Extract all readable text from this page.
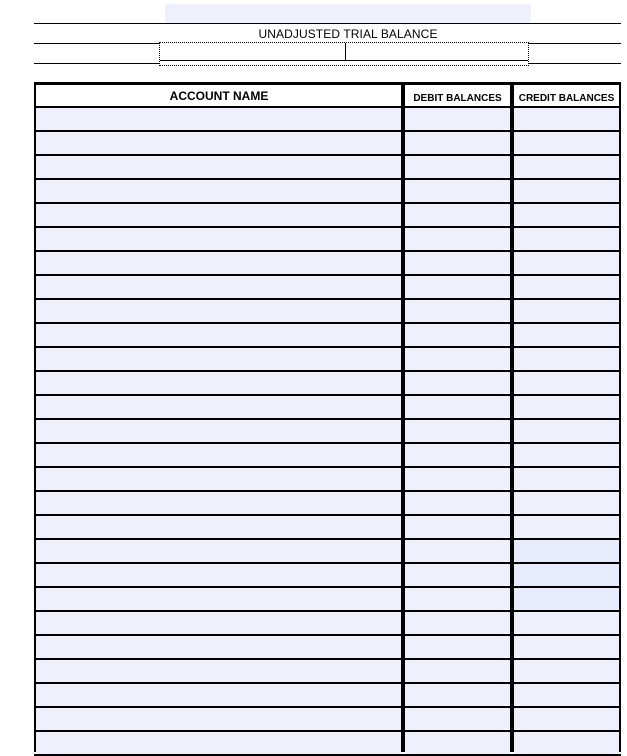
UNADJUSTED TRIAL BALANCE
ACCOUNT NAME	DEBIT BALANCES	CREDIT BALANCES
